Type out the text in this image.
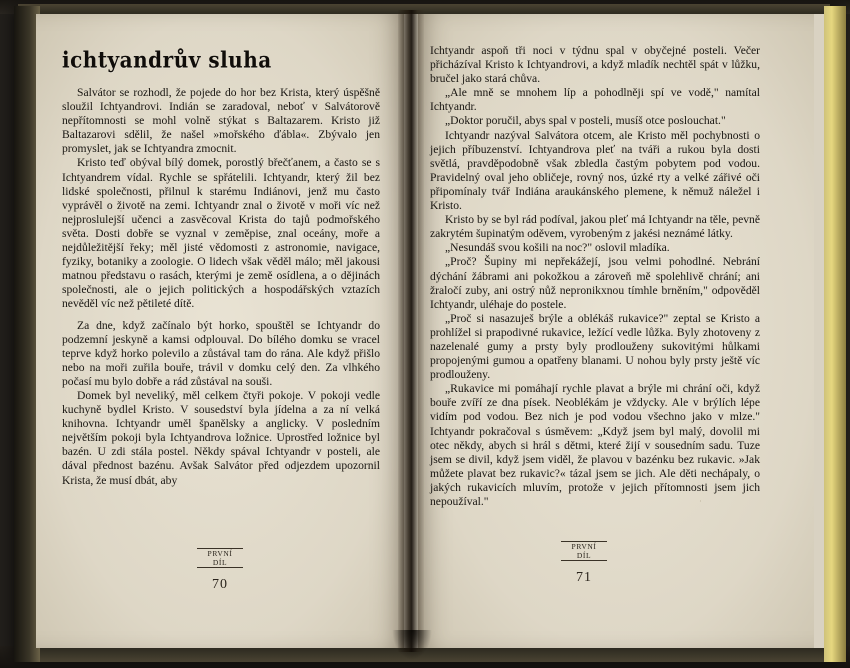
ichtyandrův sluha

Salvátor se rozhodl, že pojede do hor bez Krista, který úspěšně sloužil Ichtyandrovi. Indián se zaradoval, neboť v Salvátorově nepřítomnosti se mohl volně stýkat s Baltazarem. Kristo již Baltazarovi sdělil, že našel »mořského ďábla«. Zbývalo jen promyslet, jak se Ichtyandra zmocnit.

Kristo teď obýval bílý domek, porostlý břečťanem, a často se s Ichtyandrem vídal. Rychle se spřátelili. Ichtyandr, který žil bez lidské společnosti, přilnul k starému Indiánovi, jenž mu často vyprávěl o životě na zemi. Ichtyandr znal o životě v moři víc než nejproslulejší učenci a zasvěcoval Krista do tajů podmořského světa. Dosti dobře se vyznal v zeměpise, znal oceány, moře a nejdůležitější řeky; měl jisté vědomosti z astronomie, navigace, fyziky, botaniky a zoologie. O lidech však věděl málo; měl jakousi matnou představu o rasách, kterými je země osídlena, a o dějinách společnosti, ale o jejich politických a hospodářských vztazích nevěděl víc než pětileté dítě.

Za dne, když začínalo být horko, spouštěl se Ichtyandr do podzemní jeskyně a kamsi odplouval. Do bílého domku se vracel teprve když horko polevilo a zůstával tam do rána. Ale když přišlo nebo na moři zuřila bouře, trávil v domku celý den. Za vlhkého počasí mu bylo dobře a rád zůstával na souši.

Domek byl neveliký, měl celkem čtyři pokoje. V pokoji vedle kuchyně bydlel Kristo. V sousedství byla jídelna a za ní velká knihovna. Ichtyandr uměl španělsky a anglicky. V posledním největším pokoji byla Ichtyandrova ložnice. Uprostřed ložnice byl bazén. U zdi stála postel. Někdy spával Ichtyandr v posteli, ale dával přednost bazénu. Avšak Salvátor před odjezdem upozornil Krista, že musí dbát, aby

Ichtyandr aspoň tři noci v týdnu spal v obyčejné posteli. Večer přicházíval Kristo k Ichtyandrovi, a když mladík nechtěl spát v lůžku, bručel jako stará chůva.

„Ale mně se mnohem líp a pohodlněji spí ve vodě," namítal Ichtyandr.

„Doktor poručil, abys spal v posteli, musíš otce poslouchat."

Ichtyandr nazýval Salvátora otcem, ale Kristo měl pochybnosti o jejich příbuzenství. Ichtyandrova pleť na tváři a rukou byla dosti světlá, pravděpodobně však zbledla častým pobytem pod vodou. Pravidelný oval jeho obličeje, rovný nos, úzké rty a velké zářivé oči připomínaly tvář Indiána araukánského plemene, k němuž náležel i Kristo.

Kristo by se byl rád podíval, jakou pleť má Ichtyandr na těle, pevně zakrytém šupinatým oděvem, vyrobeným z jakési neznámé látky.

„Nesundáš svou košili na noc?" oslovil mladíka.

„Proč? Šupiny mi nepřekážejí, jsou velmi pohodlné. Nebrání dýchání žábrami ani pokožkou a zároveň mě spolehlivě chrání; ani žraločí zuby, ani ostrý nůž nepronikxnou tímhle brněním," odpověděl Ichtyandr, uléhaje do postele.

„Proč si nasazuješ brýle a oblékáš rukavice?" zeptal se Kristo a prohlížel si prapodivné rukavice, ležící vedle lůžka. Byly zhotoveny z nazelenalé gumy a prsty byly prodlouženy sukovitými hůlkami propojenými gumou a opatřeny blanami. U nohou byly prsty ještě víc prodlouženy.

„Rukavice mi pomáhají rychle plavat a brýle mi chrání oči, když bouře zvíří ze dna písek. Neoblékám je vždycky. Ale v brýlích lépe vidím pod vodou. Bez nich je pod vodou všechno jako v mlze." Ichtyandr pokračoval s úsměvem: „Když jsem byl malý, dovolil mi otec někdy, abych si hrál s dětmi, které žijí v sousedním sadu. Tuze jsem se divil, když jsem viděl, že plavou v bazénku bez rukavic. »Jak můžete plavat bez rukavic?« tázal jsem se jich. Ale děti nechápaly, o jakých rukavicích mluvím, protože v jejich přítomnosti jsem jich nepoužíval."

PRVNÍ
DÍL
70
PRVNÍ
DÍL
71
